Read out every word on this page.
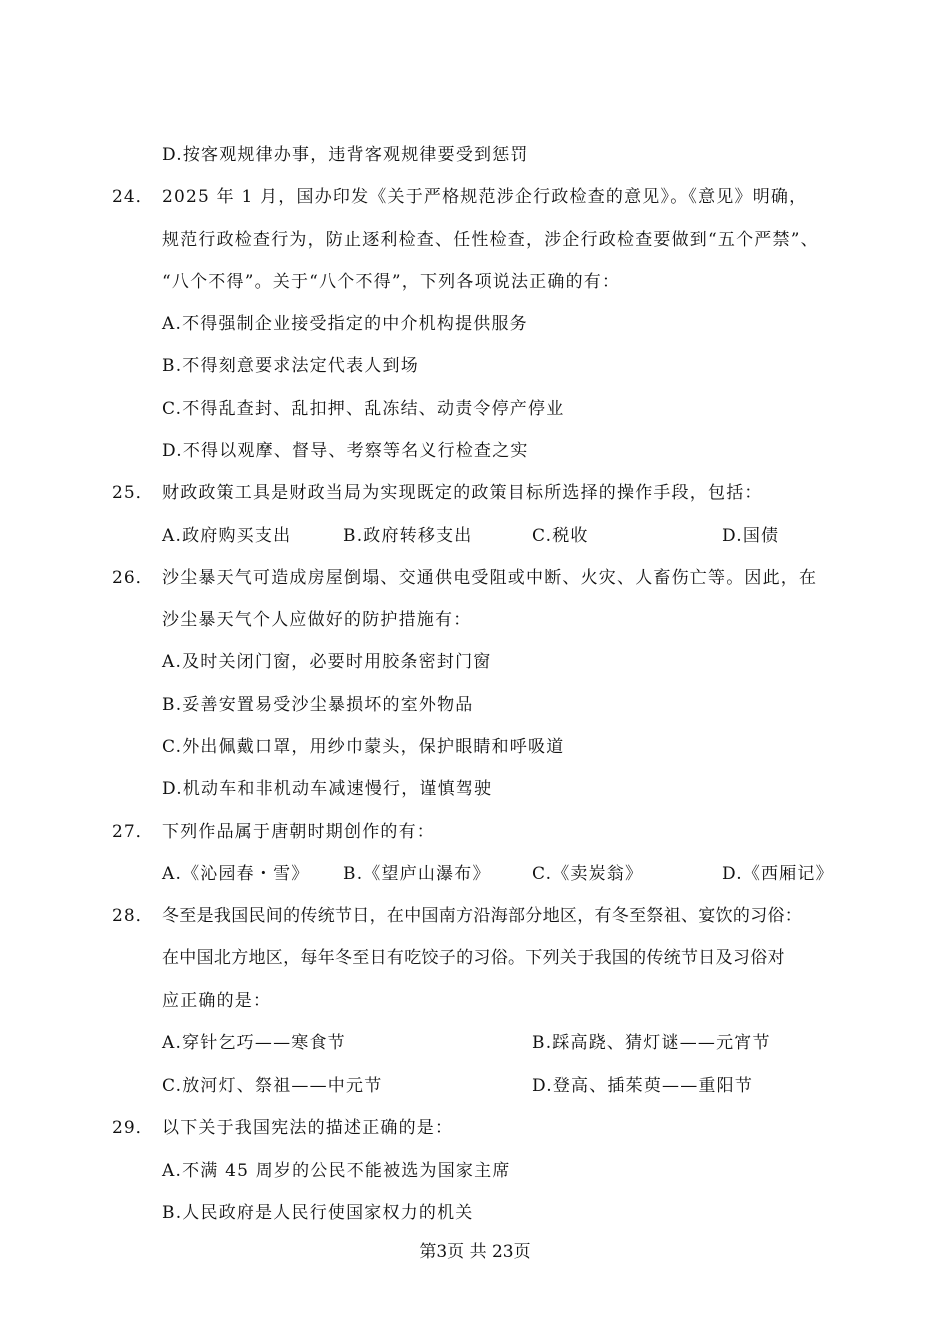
D.按客观规律办事，违背客观规律要受到惩罚
24． 2025 年 1 月，国办印发《关于严格规范涉企行政检查的意见》。《意见》明确，
规范行政检查行为，防止逐利检查、任性检查，涉企行政检查要做到“五个严禁”、
“八个不得”。关于“八个不得”，下列各项说法正确的有：
A.不得强制企业接受指定的中介机构提供服务
B.不得刻意要求法定代表人到场
C.不得乱查封、乱扣押、乱冻结、动责令停产停业
D.不得以观摩、督导、考察等名义行检查之实
25． 财政政策工具是财政当局为实现既定的政策目标所选择的操作手段，包括：
A.政府购买支出	B.政府转移支出	C.税收	D.国债
26． 沙尘暴天气可造成房屋倒塌、交通供电受阻或中断、火灾、人畜伤亡等。因此，在
沙尘暴天气个人应做好的防护措施有：
A.及时关闭门窗，必要时用胶条密封门窗
B.妥善安置易受沙尘暴损坏的室外物品
C.外出佩戴口罩，用纱巾蒙头，保护眼睛和呼吸道
D.机动车和非机动车减速慢行，谨慎驾驶
27． 下列作品属于唐朝时期创作的有：
A.《沁园春・雪》 B.《望庐山瀑布》 C.《卖炭翁》	D.《西厢记》
28． 冬至是我国民间的传统节日，在中国南方沿海部分地区，有冬至祭祖、宴饮的习俗：
在中国北方地区，每年冬至日有吃饺子的习俗。下列关于我国的传统节日及习俗对
应正确的是：
A.穿针乞巧——寒食节	B.踩高跷、猜灯谜——元宵节
C.放河灯、祭祖——中元节	D.登高、插茱萸——重阳节
29． 以下关于我国宪法的描述正确的是：
A.不满 45 周岁的公民不能被选为国家主席
B.人民政府是人民行使国家权力的机关
第3页 共 23页
